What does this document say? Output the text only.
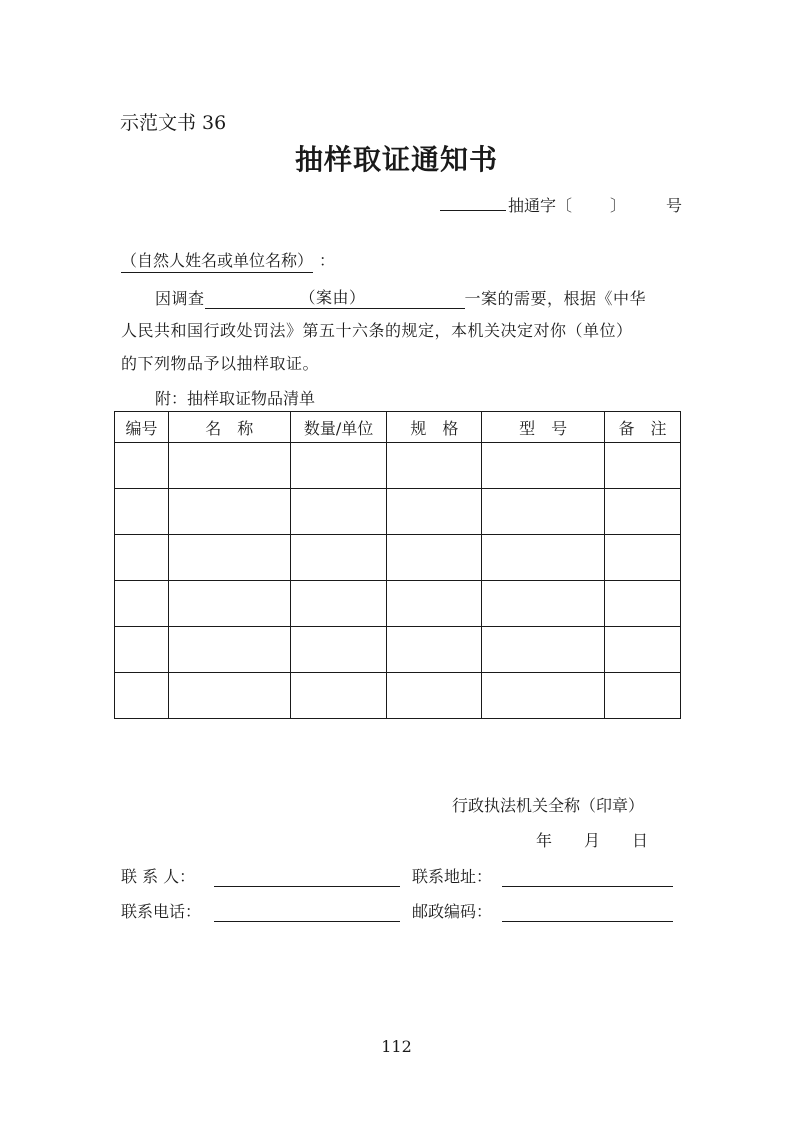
示范文书 36
抽样取证通知书
抽通字〔 〕	号
（自然人姓名或单位名称） ：
因调查	（案由）	一案的需要，根据《中华
人民共和国行政处罚法》第五十六条的规定，本机关决定对你（单位）
的下列物品予以抽样取证。
附：抽样取证物品清单
编号	名　称	数量/单位	规　格	型　号	备　注

行政执法机关全称（印章）
年 月 日
联 系 人：	联系地址：
联系电话：	邮政编码：
112
